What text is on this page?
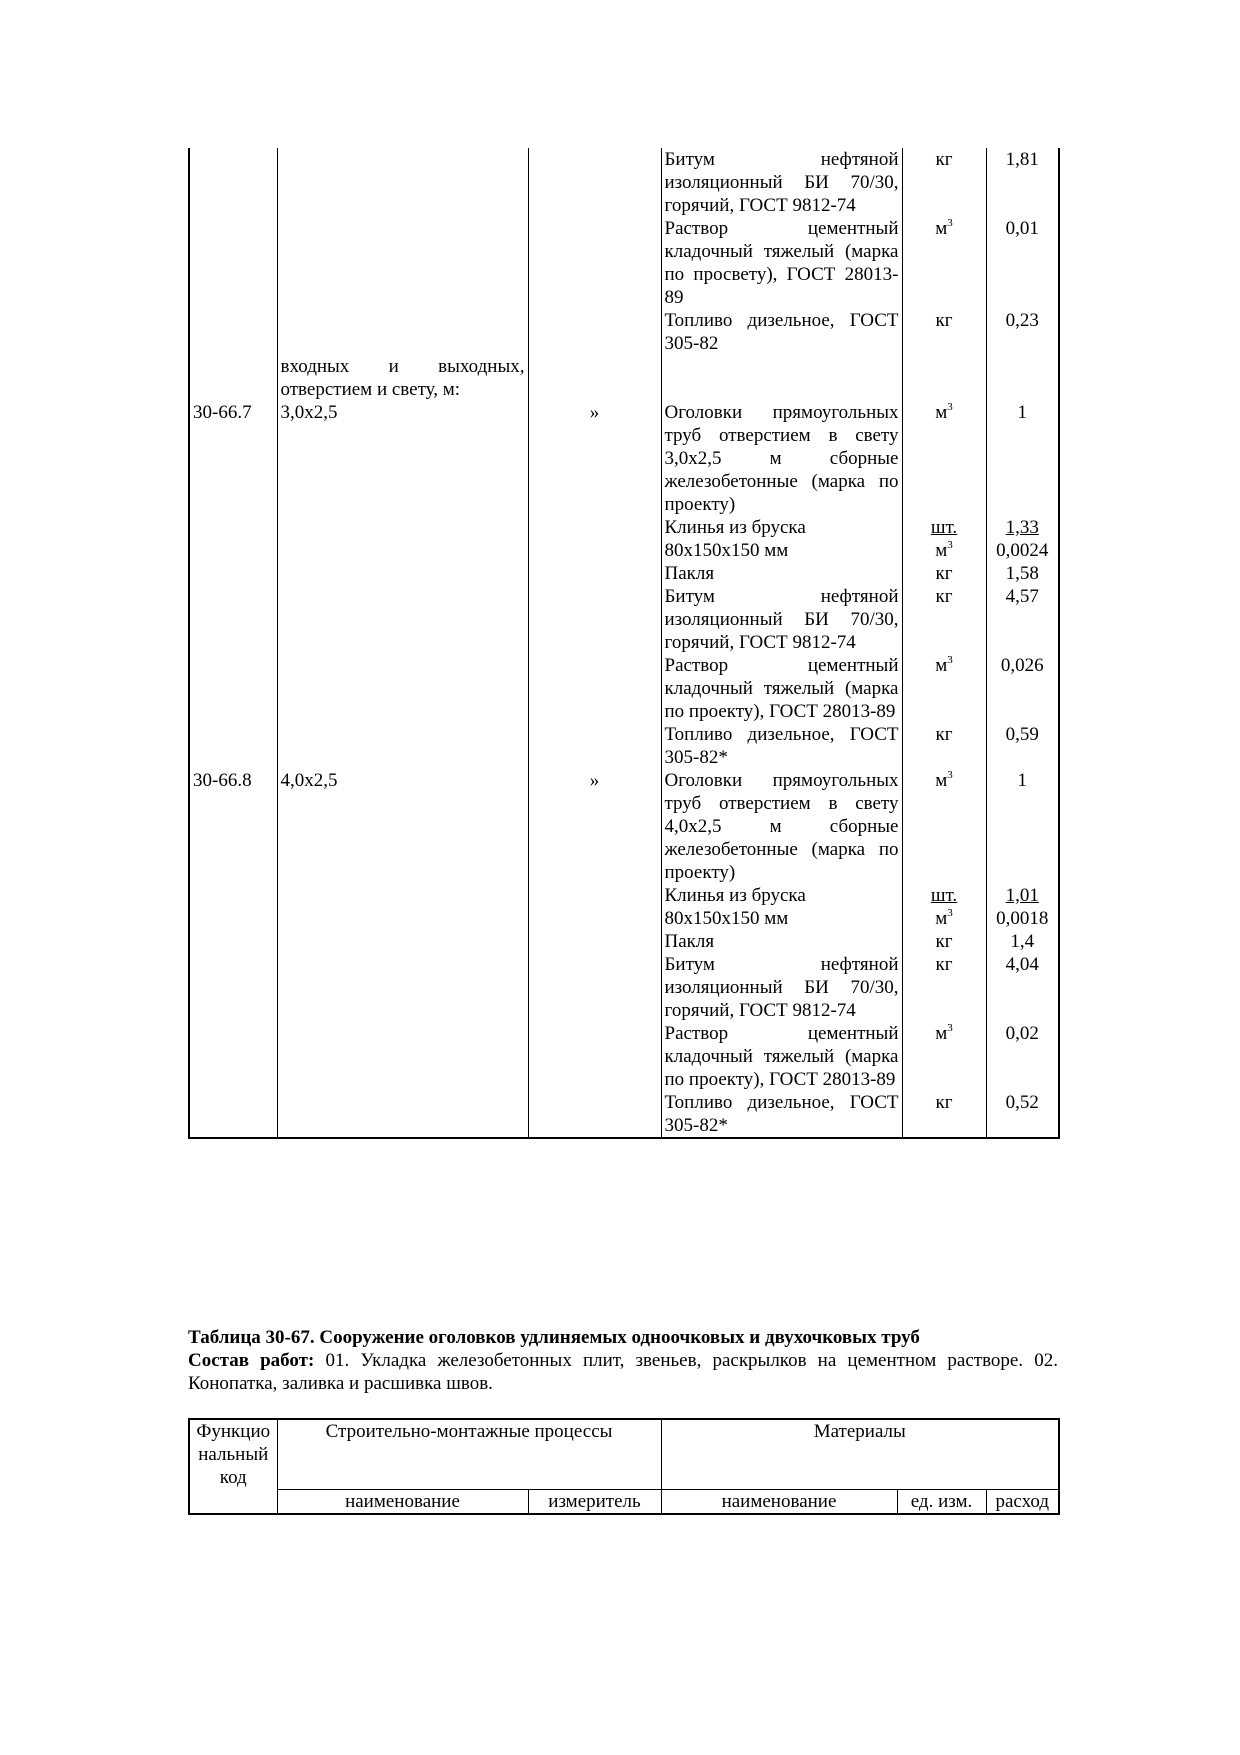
			Битум нефтяной изоляционный БИ 70/30, горячий, ГОСТ 9812-74	кг	1,81
			Раствор цементный кладочный тяжелый (марка по просвету), ГОСТ 28013-89	$м^3$	0,01
			Топливо дизельное, ГОСТ 305-82	кг	0,23
	входных и выходных, отверстием и свету, м:				
30-66.7	3,0х2,5	»	Оголовки прямоугольных труб отверстием в свету 3,0х2,5 м сборные железобетонные (марка по проекту)	$м^3$	1
			Клинья из бруска	шт.	1,33
			80х150х150 мм	$м^3$	0,0024
			Пакля	кг	1,58
			Битум нефтяной изоляционный БИ 70/30, горячий, ГОСТ 9812-74	кг	4,57
			Раствор цементный кладочный тяжелый (марка по проекту), ГОСТ 28013-89	$м^3$	0,026
			Топливо дизельное, ГОСТ 305-82*	кг	0,59
30-66.8	4,0х2,5	»	Оголовки прямоугольных труб отверстием в свету 4,0х2,5 м сборные железобетонные (марка по проекту)	$м^3$	1
			Клинья из бруска	шт.	1,01
			80х150х150 мм	$м^3$	0,0018
			Пакля	кг	1,4
			Битум нефтяной изоляционный БИ 70/30, горячий, ГОСТ 9812-74	кг	4,04
			Раствор цементный кладочный тяжелый (марка по проекту), ГОСТ 28013-89	$м^3$	0,02
			Топливо дизельное, ГОСТ 305-82*	кг	0,52
Таблица 30-67. Сооружение оголовков удлиняемых одноочковых и двухочковых труб
Состав работ: 01. Укладка железобетонных плит, звеньев, раскрылков на цементном растворе. 02. Конопатка, заливка и расшивка швов.
Функцио нальный код	Строительно-монтажные процессы		Материалы		
	наименование	измеритель	наименование	ед. изм.	расход
